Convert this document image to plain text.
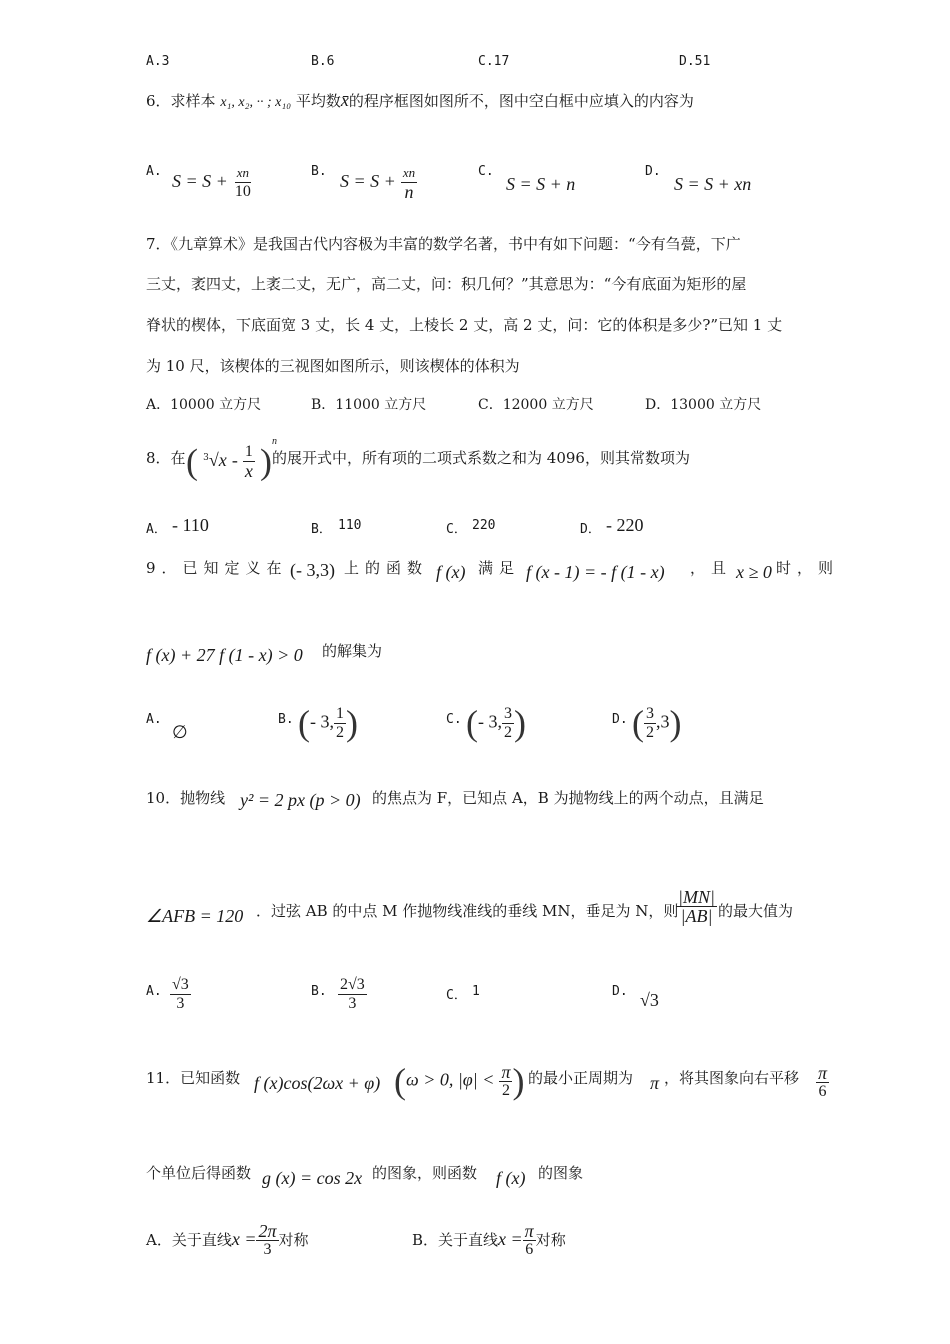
A.3	B.6	C.17	D.51
6．求样本 x₁, x₂, ·· ; x₁₀ 平均数x̄的程序框图如图所不，图中空白框中应填入的内容为
A. $S = S + \frac{xn}{10}$	B. $S = S + \frac{xn}{n}$	C.
S = S + n
D.
S = S + xn
7．《九章算术》是我国古代内容极为丰富的数学名著，书中有如下问题：“今有刍甍，下广
三丈，袤四丈，上袤二丈，无广，高二丈，问：积几何？”其意思为：“今有底面为矩形的屋
脊状的楔体，下底面宽 3 丈，长 4 丈，上棱长 2 丈，高 2 丈，问：它的体积是多少?”已知 1 丈
为 10 尺，该楔体的三视图如图所示，则该楔体的体积为
A．10000 立方尺	B．11000 立方尺	C．12000 立方尺	D．13000 立方尺
8．在 ( $^3√x - \frac{1}{x} )^n$
的展开式中，所有项的二项式系数之和为 4096，则其常数项为
A． - 110	B． 110	C． 220	D． - 220
9．已知定义在 (- 3,3) 上的函数 f (x) 满足 f (x - 1) = - f (1 - x) ，且 x ≥ 0 时，则
f (x) + 27 f (1 - x) > 0 的解集为
A.
∅
B. (- 3, $\frac{1}{2}$ )	C. (- 3, $\frac{3}{2}$ )	D. ( $\frac{3}{2} ,3$)
10．抛物线 y² = 2 px (p > 0) 的焦点为 F，已知点 A，B 为抛物线上的两个动点，且满足
∠AFB = 120 ．过弦 AB 的中点 M 作抛物线准线的垂线 MN，垂足为 N，则
$\frac{|MN|}{|AB|}$ 的最大值为
A. $\frac{√3}{3}$	B. $\frac{2√3}{3}$	C． 1	D. √3
11．已知函数 f (x)cos(2ωx + φ) (ω > 0, $|\varphi| < \frac{\pi}{2}$ ) 的最小正周期为 π ，将其图象向右平移 $\frac{\pi}{6}$
个单位后得函数 g (x) = cos 2x 的图象，则函数 f (x) 的图象
A．关于直线$x = \frac{2\pi}{3}$ 对称	B．关于直线$x = \frac{\pi}{6}$ 对称
